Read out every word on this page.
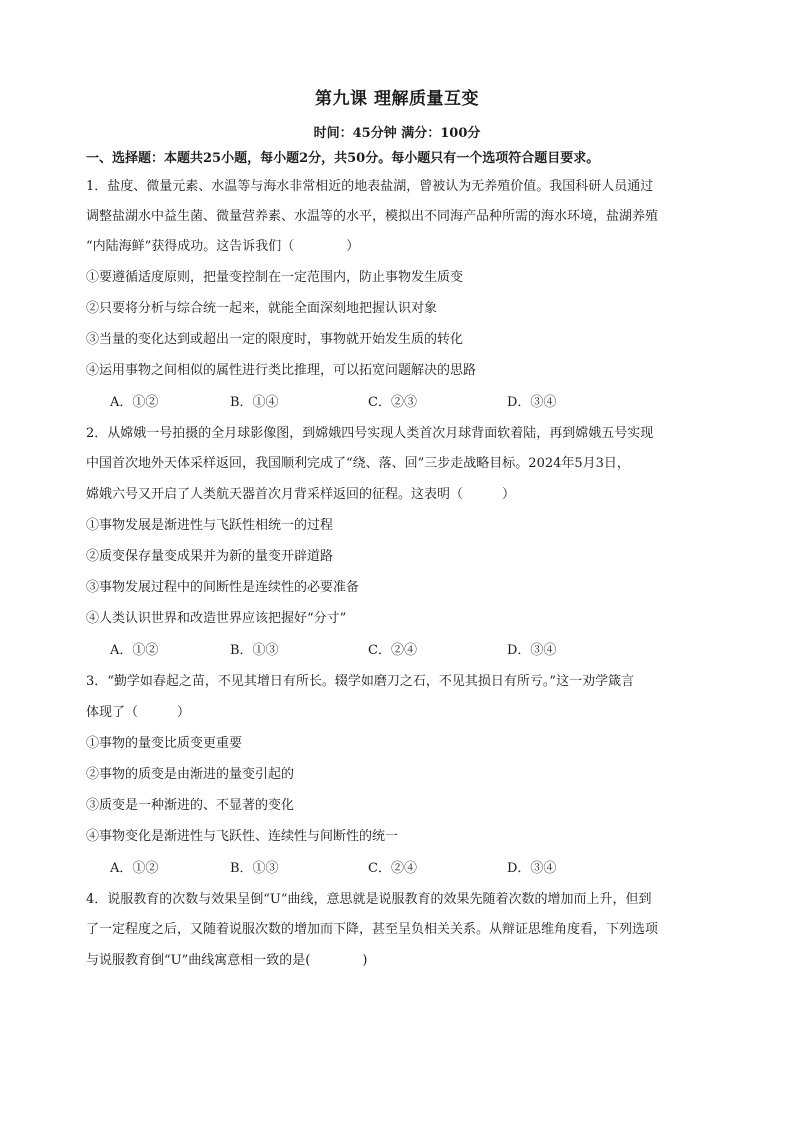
第九课 理解质量互变
时间：45分钟 满分：100分
一、选择题：本题共25小题，每小题2分，共50分。每小题只有一个选项符合题目要求。
1．盐度、微量元素、水温等与海水非常相近的地表盐湖，曾被认为无养殖价值。我国科研人员通过
调整盐湖水中益生菌、微量营养素、水温等的水平，模拟出不同海产品种所需的海水环境，盐湖养殖
“内陆海鲜”获得成功。这告诉我们（　　　　）
①要遵循适度原则，把量变控制在一定范围内，防止事物发生质变
②只要将分析与综合统一起来，就能全面深刻地把握认识对象
③当量的变化达到或超出一定的限度时，事物就开始发生质的转化
④运用事物之间相似的属性进行类比推理，可以拓宽问题解决的思路
A．①②	B．①④	C．②③	D．③④
2．从嫦娥一号拍摄的全月球影像图，到嫦娥四号实现人类首次月球背面软着陆，再到嫦娥五号实现
中国首次地外天体采样返回，我国顺利完成了“绕、落、回”三步走战略目标。2024年5月3日，
嫦娥六号又开启了人类航天器首次月背采样返回的征程。这表明（　　　）
①事物发展是渐进性与飞跃性相统一的过程
②质变保存量变成果并为新的量变开辟道路
③事物发展过程中的间断性是连续性的必要准备
④人类认识世界和改造世界应该把握好“分寸”
A．①②	B．①③	C．②④	D．③④
3．“勤学如春起之苗，不见其增日有所长。辍学如磨刀之石，不见其损日有所亏。”这一劝学箴言
体现了（　　　）
①事物的量变比质变更重要
②事物的质变是由渐进的量变引起的
③质变是一种渐进的、不显著的变化
④事物变化是渐进性与飞跃性、连续性与间断性的统一
A．①②	B．①③	C．②④	D．③④
4．说服教育的次数与效果呈倒“U”曲线，意思就是说服教育的效果先随着次数的增加而上升，但到
了一定程度之后，又随着说服次数的增加而下降，甚至呈负相关关系。从辩证思维角度看，下列选项
与说服教育倒“U”曲线寓意相一致的是(　　　　)
